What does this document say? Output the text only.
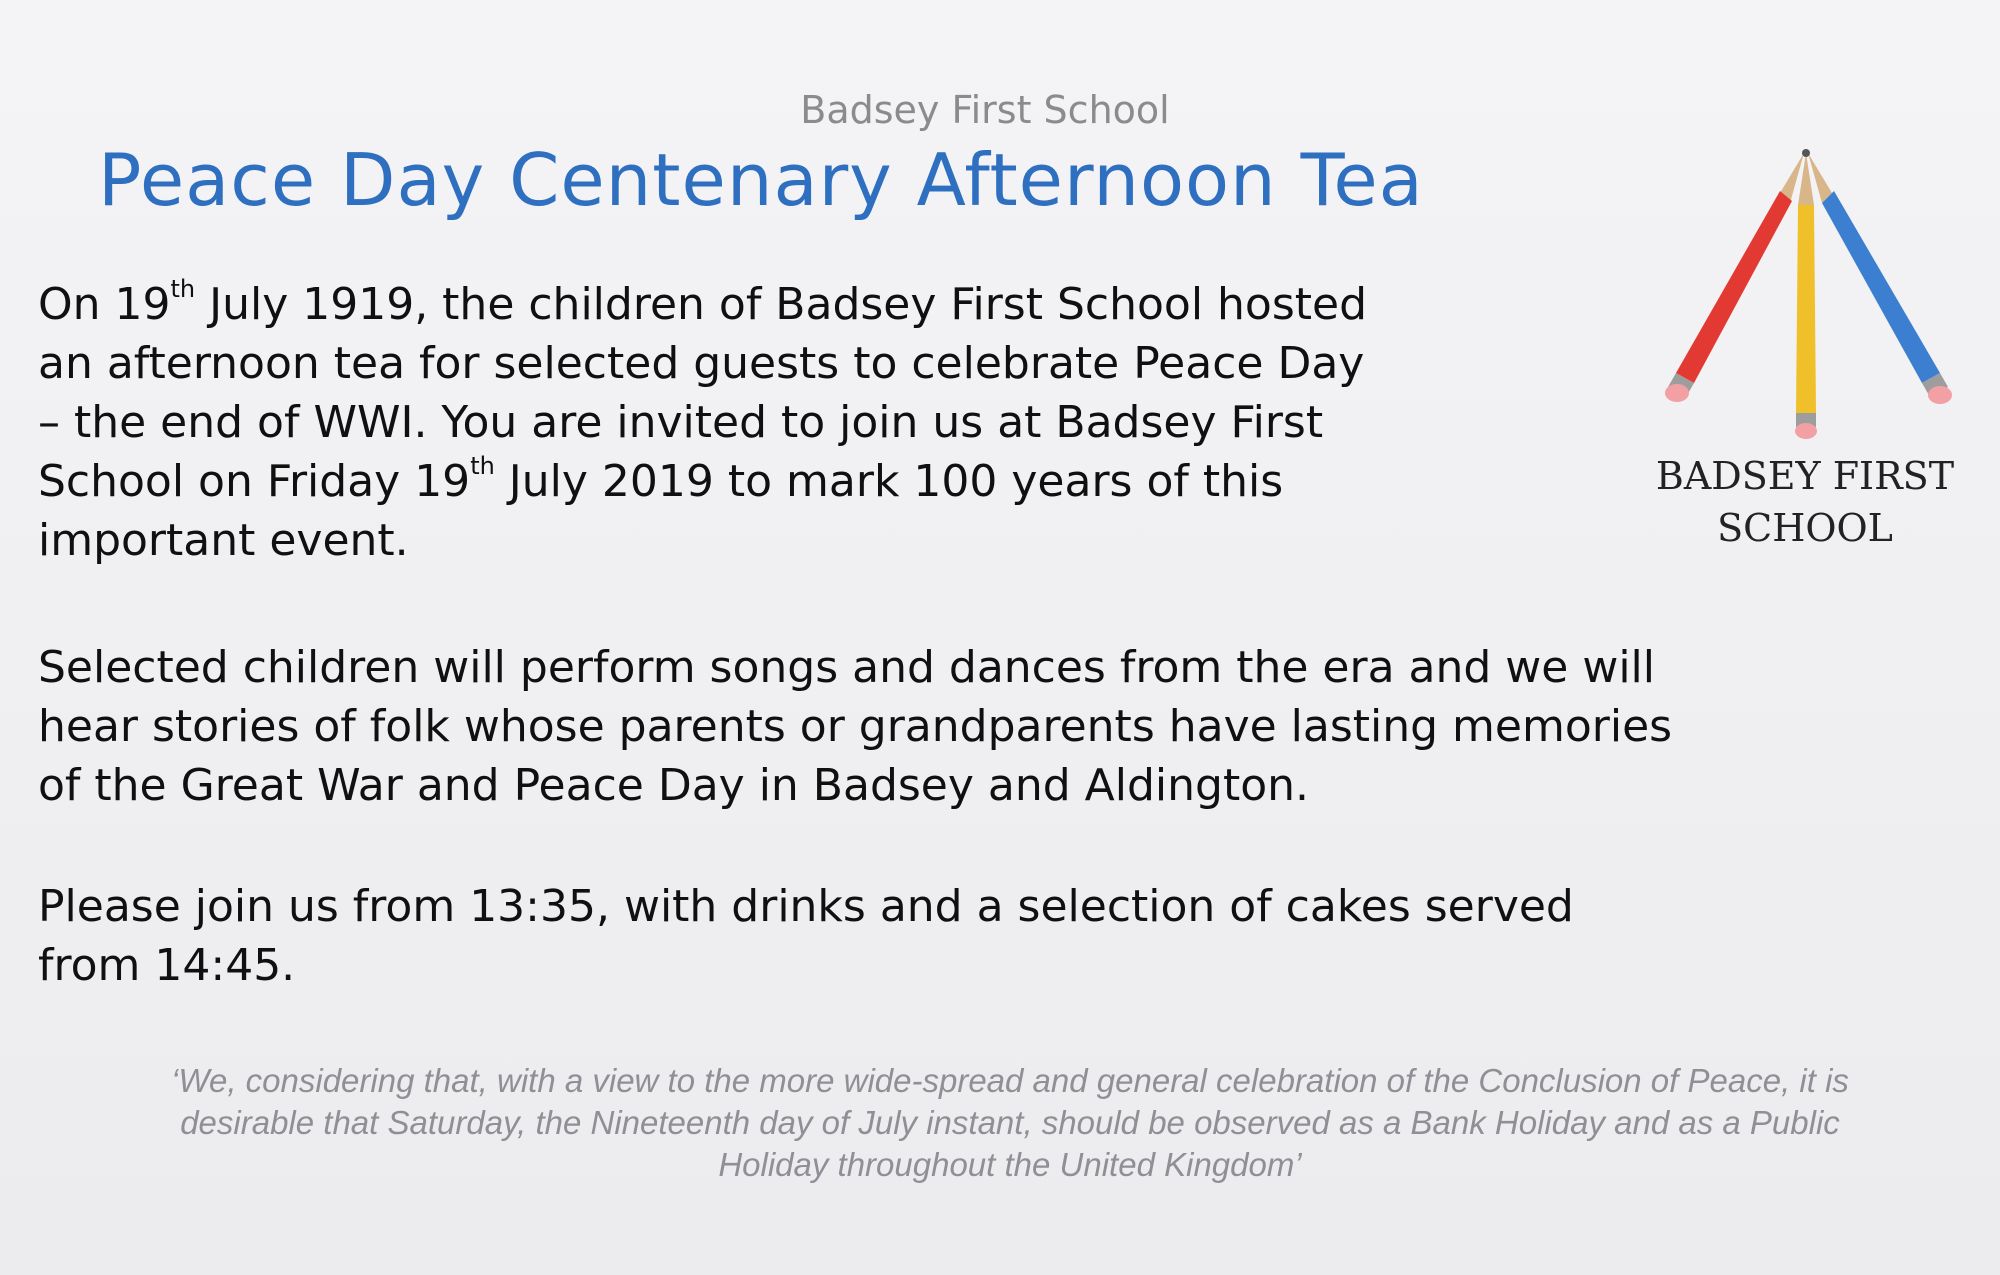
Badsey First School
Peace Day Centenary Afternoon Tea
On 19th July 1919, the children of Badsey First School hosted
an afternoon tea for selected guests to celebrate Peace Day
– the end of WWI. You are invited to join us at Badsey First
School on Friday 19th July 2019 to mark 100 years of this
important event.
Selected children will perform songs and dances from the era and we will
hear stories of folk whose parents or grandparents have lasting memories
of the Great War and Peace Day in Badsey and Aldington.
Please join us from 13:35, with drinks and a selection of cakes served
from 14:45.
‘We, considering that, with a view to the more wide-spread and general celebration of the Conclusion of Peace, it is
desirable that Saturday, the Nineteenth day of July instant, should be observed as a Bank Holiday and as a Public
Holiday throughout the United Kingdom’
BADSEY FIRST
SCHOOL
